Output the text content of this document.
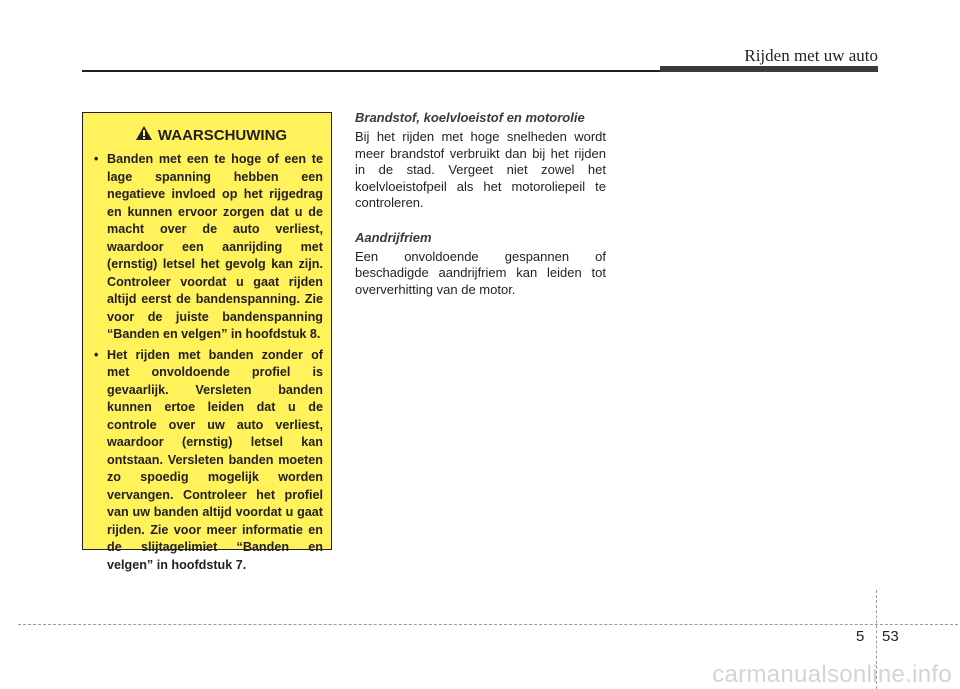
Rijden met uw auto
WAARSCHUWING
• Banden met een te hoge of een te lage spanning hebben een negatieve invloed op het rijgedrag en kunnen ervoor zorgen dat u de macht over de auto verliest, waardoor een aanrijding met (ernstig) letsel het gevolg kan zijn. Controleer voordat u gaat rijden altijd eerst de bandenspanning. Zie voor de juiste bandenspanning “Banden en velgen” in hoofdstuk 8.
• Het rijden met banden zonder of met onvoldoende profiel is gevaarlijk. Versleten banden kunnen ertoe leiden dat u de controle over uw auto verliest, waardoor (ernstig) letsel kan ontstaan. Versleten banden moeten zo spoedig mogelijk worden vervangen. Controleer het profiel van uw banden altijd voordat u gaat rijden. Zie voor meer informatie en de slijtagelimiet “Banden en velgen” in hoofdstuk 7.
Brandstof, koelvloeistof en motorolie

Bij het rijden met hoge snelheden wordt meer brandstof verbruikt dan bij het rijden in de stad. Vergeet niet zowel het koelvloeistofpeil als het motoroliepeil te controleren.

Aandrijfriem

Een onvoldoende gespannen of beschadigde aandrijfriem kan leiden tot oververhitting van de motor.

5 53
carmanualsonline.info
